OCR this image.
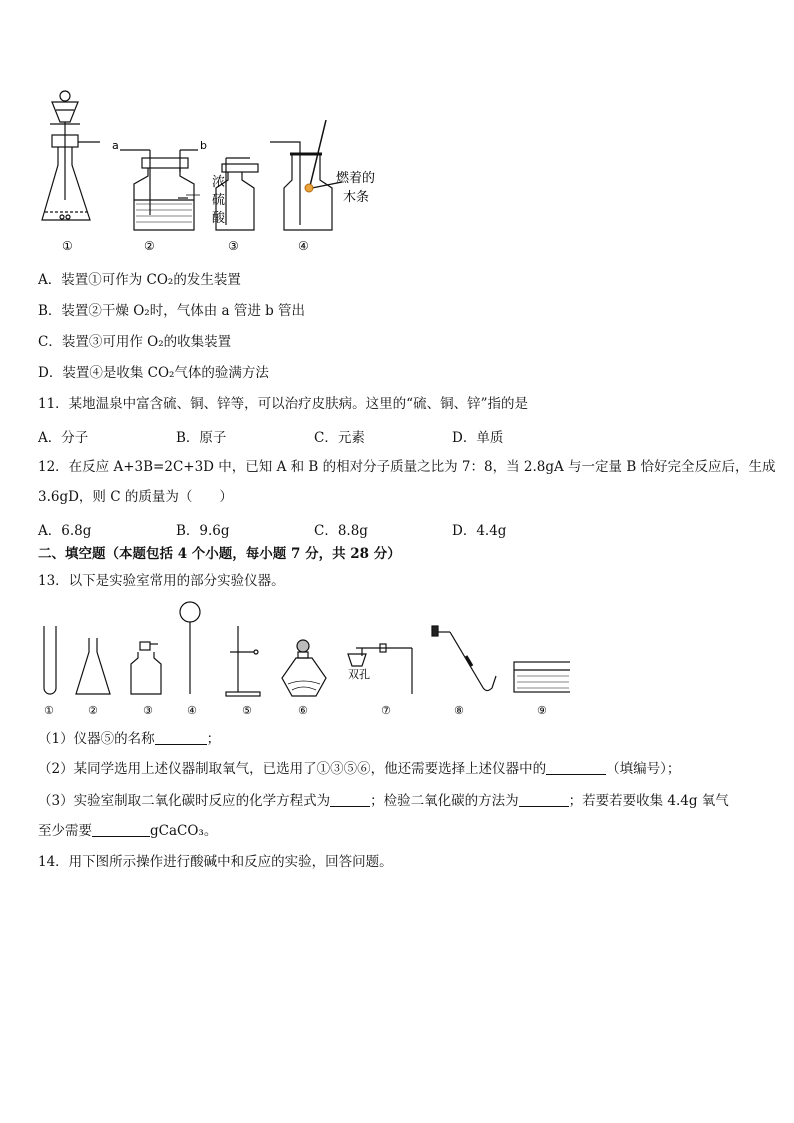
a	b
浓
硫
酸
燃着的
木条
①	②	③	④
A．装置①可作为 CO₂的发生装置
B．装置②干燥 O₂时，气体由 a 管进 b 管出
C．装置③可用作 O₂的收集装置
D．装置④是收集 CO₂气体的验满方法
11．某地温泉中富含硫、铜、锌等，可以治疗皮肤病。这里的“硫、铜、锌”指的是
A．分子	B．原子	C．元素	D．单质
12．在反应 A+3B=2C+3D 中，已知 A 和 B 的相对分子质量之比为 7：8，当 2.8gA 与一定量 B 恰好完全反应后，生成
3.6gD，则 C 的质量为（　　）
A．6.8g	B．9.6g	C．8.8g	D．4.4g
二、填空题（本题包括 4 个小题，每小题 7 分，共 28 分）
13．以下是实验室常用的部分实验仪器。
双孔
①	②	③	④	⑤	⑥	⑦	⑧	⑨
（1）仪器⑤的名称	；
（2）某同学选用上述仪器制取氧气，已选用了①③⑤⑥，他还需要选择上述仪器中的	（填编号）；
（3）实验室制取二氧化碳时反应的化学方程式为	；检验二氧化碳的方法为	；若要若要收集 4.4g 氧气
至少需要	gCaCO₃。
14．用下图所示操作进行酸碱中和反应的实验，回答问题。
